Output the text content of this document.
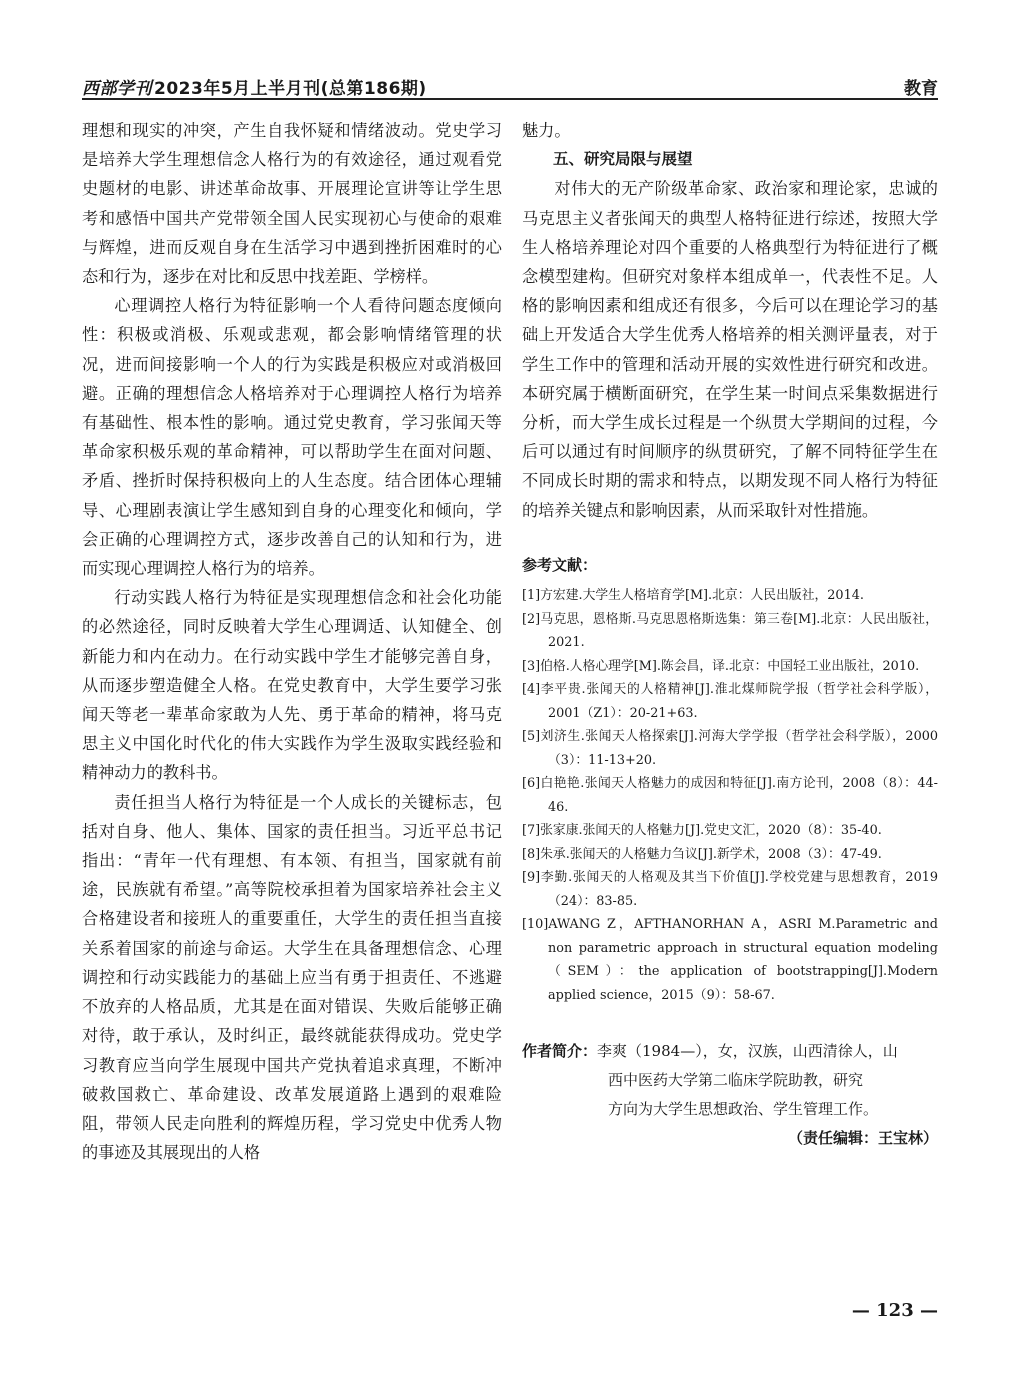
西部学刊 2023年5月上半月刊(总第186期)	教育

理想和现实的冲突，产生自我怀疑和情绪波动。党史学习是培养大学生理想信念人格行为的有效途径，通过观看党史题材的电影、讲述革命故事、开展理论宣讲等让学生思考和感悟中国共产党带领全国人民实现初心与使命的艰难与辉煌，进而反观自身在生活学习中遇到挫折困难时的心态和行为，逐步在对比和反思中找差距、学榜样。

心理调控人格行为特征影响一个人看待问题态度倾向性：积极或消极、乐观或悲观，都会影响情绪管理的状况，进而间接影响一个人的行为实践是积极应对或消极回避。正确的理想信念人格培养对于心理调控人格行为培养有基础性、根本性的影响。通过党史教育，学习张闻天等革命家积极乐观的革命精神，可以帮助学生在面对问题、矛盾、挫折时保持积极向上的人生态度。结合团体心理辅导、心理剧表演让学生感知到自身的心理变化和倾向，学会正确的心理调控方式，逐步改善自己的认知和行为，进而实现心理调控人格行为的培养。

行动实践人格行为特征是实现理想信念和社会化功能的必然途径，同时反映着大学生心理调适、认知健全、创新能力和内在动力。在行动实践中学生才能够完善自身，从而逐步塑造健全人格。在党史教育中，大学生要学习张闻天等老一辈革命家敢为人先、勇于革命的精神，将马克思主义中国化时代化的伟大实践作为学生汲取实践经验和精神动力的教科书。

责任担当人格行为特征是一个人成长的关键标志，包括对自身、他人、集体、国家的责任担当。习近平总书记指出：“青年一代有理想、有本领、有担当，国家就有前途，民族就有希望。”高等院校承担着为国家培养社会主义合格建设者和接班人的重要重任，大学生的责任担当直接关系着国家的前途与命运。大学生在具备理想信念、心理调控和行动实践能力的基础上应当有勇于担责任、不逃避不放弃的人格品质，尤其是在面对错误、失败后能够正确对待，敢于承认，及时纠正，最终就能获得成功。党史学习教育应当向学生展现中国共产党执着追求真理，不断冲破救国救亡、革命建设、改革发展道路上遇到的艰难险阻，带领人民走向胜利的辉煌历程，学习党史中优秀人物的事迹及其展现出的人格

魅力。

五、研究局限与展望

对伟大的无产阶级革命家、政治家和理论家，忠诚的马克思主义者张闻天的典型人格特征进行综述，按照大学生人格培养理论对四个重要的人格典型行为特征进行了概念模型建构。但研究对象样本组成单一，代表性不足。人格的影响因素和组成还有很多，今后可以在理论学习的基础上开发适合大学生优秀人格培养的相关测评量表，对于学生工作中的管理和活动开展的实效性进行研究和改进。本研究属于横断面研究，在学生某一时间点采集数据进行分析，而大学生成长过程是一个纵贯大学期间的过程，今后可以通过有时间顺序的纵贯研究，了解不同特征学生在不同成长时期的需求和特点，以期发现不同人格行为特征的培养关键点和影响因素，从而采取针对性措施。

参考文献：
[1]方宏建.大学生人格培育学[M].北京：人民出版社，2014.
[2]马克思，恩格斯.马克思恩格斯选集：第三卷[M].北京：人民出版社，2021.
[3]伯格.人格心理学[M].陈会昌，译.北京：中国轻工业出版社，2010.
[4]李平贵.张闻天的人格精神[J].淮北煤师院学报（哲学社会科学版），2001（Z1）：20-21+63.
[5]刘济生.张闻天人格探索[J].河海大学学报（哲学社会科学版），2000（3）：11-13+20.
[6]白艳艳.张闻天人格魅力的成因和特征[J].南方论刊，2008（8）：44-46.
[7]张家康.张闻天的人格魅力[J].党史文汇，2020（8）：35-40.
[8]朱承.张闻天的人格魅力刍议[J].新学术，2008（3）：47-49.
[9]李勤.张闻天的人格观及其当下价值[J].学校党建与思想教育，2019（24）：83-85.
[10]AWANG Z，AFTHANORHAN A，ASRI M.Parametric and non parametric approach in structural equation modeling（SEM）：the application of bootstrapping[J].Modern applied science，2015（9）：58-67.
作者简介：李爽（1984—），女，汉族，山西清徐人，山
西中医药大学第二临床学院助教，研究
方向为大学生思想政治、学生管理工作。
（责任编辑：王宝林）
— 123 —
